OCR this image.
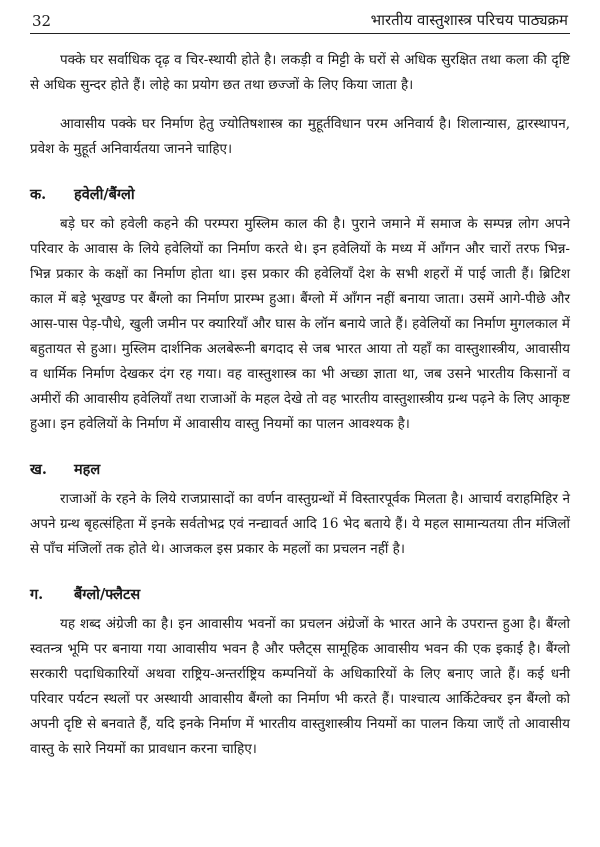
32	भारतीय वास्तुशास्त्र परिचय पाठ्यक्रम

पक्के घर सर्वाधिक दृढ़ व चिर-स्थायी होते है। लकड़ी व मिट्टी के घरों से अधिक सुरक्षित तथा कला की दृष्टि से अधिक सुन्दर होते हैं। लोहे का प्रयोग छत तथा छज्जों के लिए किया जाता है।

आवासीय पक्के घर निर्माण हेतु ज्योतिषशास्त्र का मुहूर्तविधान परम अनिवार्य है। शिलान्यास, द्वारस्थापन, प्रवेश के मुहूर्त अनिवार्यतया जानने चाहिए।

क.	हवेली/बैंग्लो

बड़े घर को हवेली कहने की परम्परा मुस्लिम काल की है। पुराने जमाने में समाज के सम्पन्न लोग अपने परिवार के आवास के लिये हवेलियों का निर्माण करते थे। इन हवेलियों के मध्य में आँगन और चारों तरफ भिन्न-भिन्न प्रकार के कक्षों का निर्माण होता था। इस प्रकार की हवेलियाँ देश के सभी शहरों में पाई जाती हैं। ब्रिटिश काल में बड़े भूखण्ड पर बैंग्लो का निर्माण प्रारम्भ हुआ। बैंग्लो में आँगन नहीं बनाया जाता। उसमें आगे-पीछे और आस-पास पेड़-पौधे, खुली जमीन पर क्यारियाँ और घास के लॉन बनाये जाते हैं। हवेलियों का निर्माण मुगलकाल में बहुतायत से हुआ। मुस्लिम दार्शनिक अलबेरूनी बगदाद से जब भारत आया तो यहाँ का वास्तुशास्त्रीय, आवासीय व धार्मिक निर्माण देखकर दंग रह गया। वह वास्तुशास्त्र का भी अच्छा ज्ञाता था, जब उसने भारतीय किसानों व अमीरों की आवासीय हवेलियाँ तथा राजाओं के महल देखे तो वह भारतीय वास्तुशास्त्रीय ग्रन्थ पढ़ने के लिए आकृष्ट हुआ। इन हवेलियों के निर्माण में आवासीय वास्तु नियमों का पालन आवश्यक है।

ख.	महल

राजाओं के रहने के लिये राजप्रासादों का वर्णन वास्तुग्रन्थों में विस्तारपूर्वक मिलता है। आचार्य वराहमिहिर ने अपने ग्रन्थ बृहत्संहिता में इनके सर्वतोभद्र एवं नन्द्यावर्त आदि 16 भेद बताये हैं। ये महल सामान्यतया तीन मंजिलों से पाँच मंजिलों तक होते थे। आजकल इस प्रकार के महलों का प्रचलन नहीं है।

ग.	बैंग्लो/फ्लैटस

यह शब्द अंग्रेजी का है। इन आवासीय भवनों का प्रचलन अंग्रेजों के भारत आने के उपरान्त हुआ है। बैंग्लो स्वतन्त्र भूमि पर बनाया गया आवासीय भवन है और फ्लैट्स सामूहिक आवासीय भवन की एक इकाई है। बैंग्लो सरकारी पदाधिकारियों अथवा राष्ट्रिय-अन्तर्राष्ट्रिय कम्पनियों के अधिकारियों के लिए बनाए जाते हैं। कई धनी परिवार पर्यटन स्थलों पर अस्थायी आवासीय बैंग्लो का निर्माण भी करते हैं। पाश्चात्य आर्किटेक्चर इन बैंग्लो को अपनी दृष्टि से बनवाते हैं, यदि इनके निर्माण में भारतीय वास्तुशास्त्रीय नियमों का पालन किया जाएँ तो आवासीय वास्तु के सारे नियमों का प्रावधान करना चाहिए।
